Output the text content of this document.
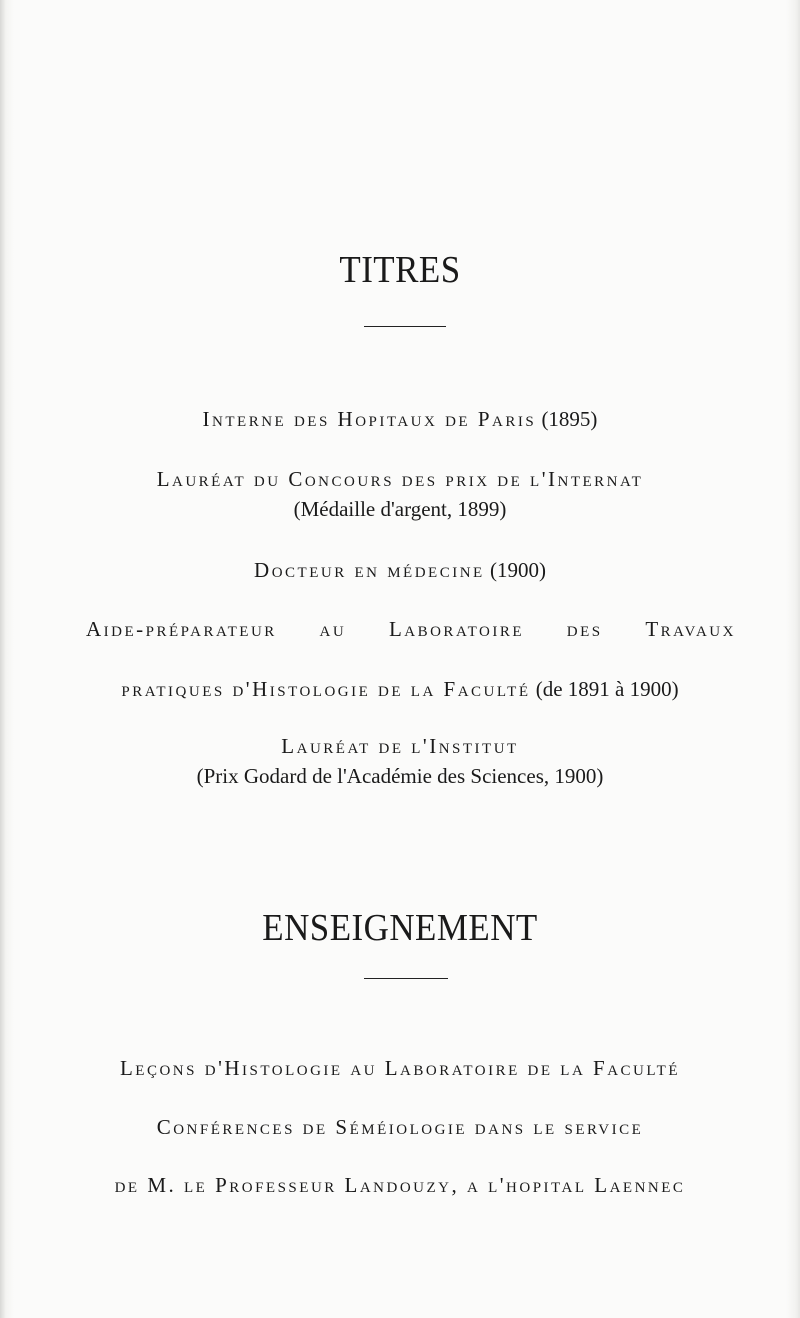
TITRES

Interne des Hopitaux de Paris (1895)

Lauréat du Concours des prix de l'Internat

(Médaille d'argent, 1899)

Docteur en médecine (1900)

Aide-préparateur au Laboratoire des Travaux

pratiques d'Histologie de la Faculté (de 1891 à 1900)

Lauréat de l'Institut

(Prix Godard de l'Académie des Sciences, 1900)

ENSEIGNEMENT

Leçons d'Histologie au Laboratoire de la Faculté

Conférences de Séméiologie dans le service

de M. le Professeur Landouzy, a l'hopital Laennec
